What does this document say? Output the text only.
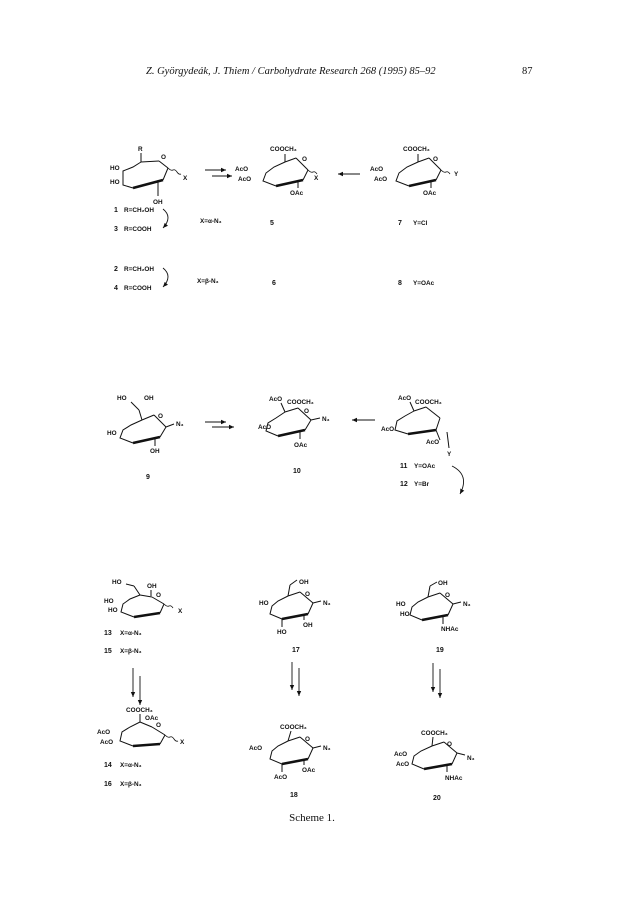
Z. Györgydeák, J. Thiem / Carbohydrate Research 268 (1995) 85–92	87
R
HO
HO
OH
O
X
COOCH₃
AcO
AcO
OAc
O
X
COOCH₃
AcO
AcO
OAc
O
Y
1 R=CH₂OH
3 R=COOH
X=α-N₃	5	7 Y=Cl
2 R=CH₂OH
4 R=COOH
X=β-N₃	6	8 Y=OAc
HO	OH
HO
OH
O
N₃
9
AcO COOCH₃
AcO
OAc
O
N₃
10
AcO
COOCH₃
AcO
AcO
Y
11 Y=OAc
12 Y=Br
HO
OH
O
HO
HO	X
13 X=α-N₃
15 X=β-N₃
OH
O
HO
OH
HO
N₃
17
OH
O
HO
HO
NHAc
N₃
19
COOCH₃
OAc
O
AcO
AcO	X
14 X=α-N₃
16 X=β-N₃
COOCH₃
O
AcO
OAc
AcO
N₃
18
COOCH₃
O
AcO
AcO
NHAc
N₃
20
Scheme 1.
